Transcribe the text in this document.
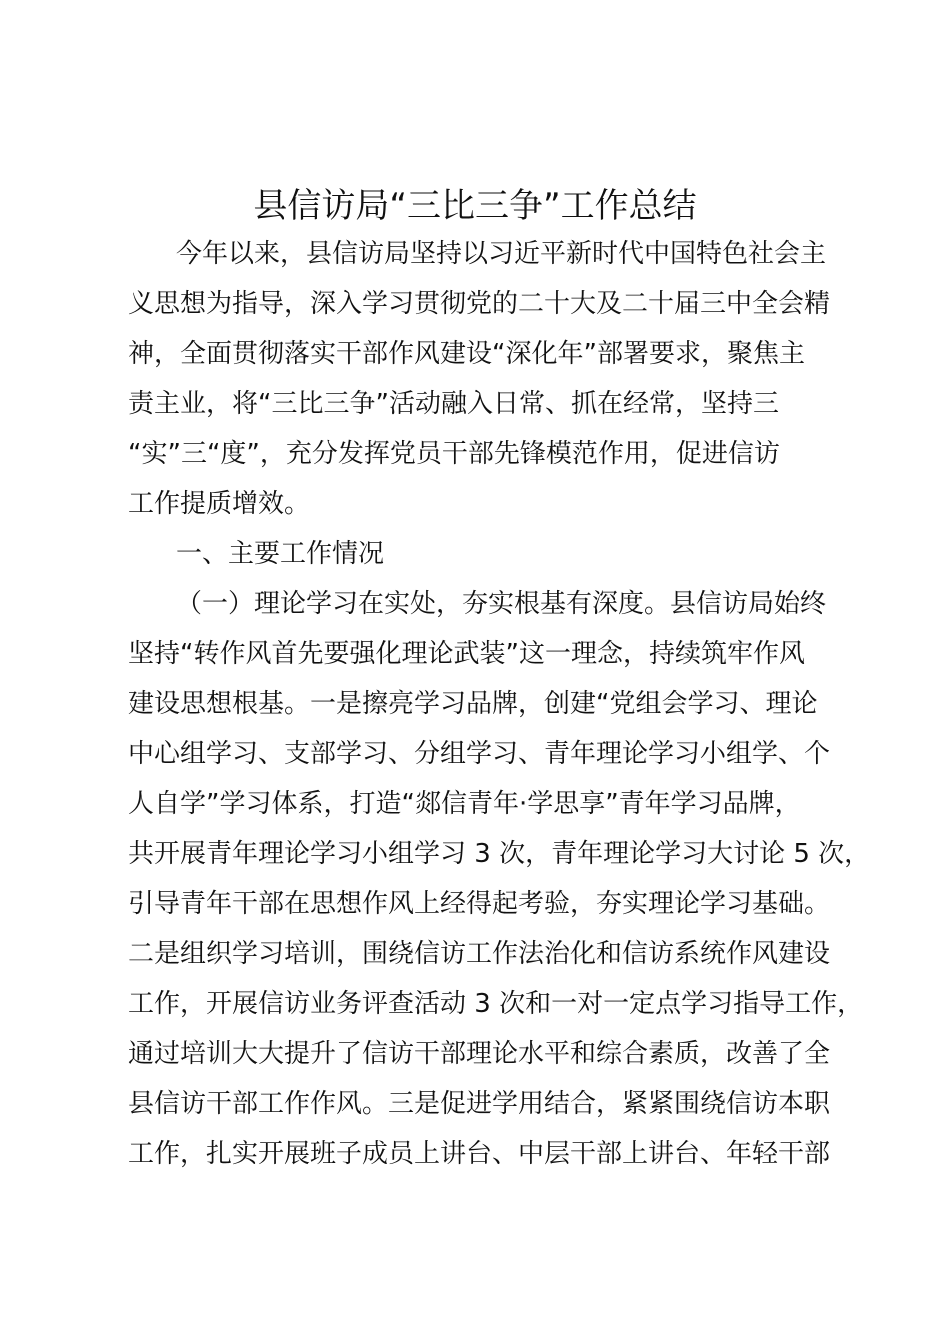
县信访局“三比三争”工作总结
今年以来，县信访局坚持以习近平新时代中国特色社会主
义思想为指导，深入学习贯彻党的二十大及二十届三中全会精
神，全面贯彻落实干部作风建设“深化年”部署要求，聚焦主
责主业，将“三比三争”活动融入日常、抓在经常，坚持三
“实”三“度”，充分发挥党员干部先锋模范作用，促进信访
工作提质增效。
一、主要工作情况
（一）理论学习在实处，夯实根基有深度。县信访局始终
坚持“转作风首先要强化理论武装”这一理念，持续筑牢作风
建设思想根基。一是擦亮学习品牌，创建“党组会学习、理论
中心组学习、支部学习、分组学习、青年理论学习小组学、个
人自学”学习体系，打造“郯信青年·学思享”青年学习品牌，
共开展青年理论学习小组学习 3 次，青年理论学习大讨论 5 次，
引导青年干部在思想作风上经得起考验，夯实理论学习基础。
二是组织学习培训，围绕信访工作法治化和信访系统作风建设
工作，开展信访业务评查活动 3 次和一对一定点学习指导工作，
通过培训大大提升了信访干部理论水平和综合素质，改善了全
县信访干部工作作风。三是促进学用结合，紧紧围绕信访本职
工作，扎实开展班子成员上讲台、中层干部上讲台、年轻干部
